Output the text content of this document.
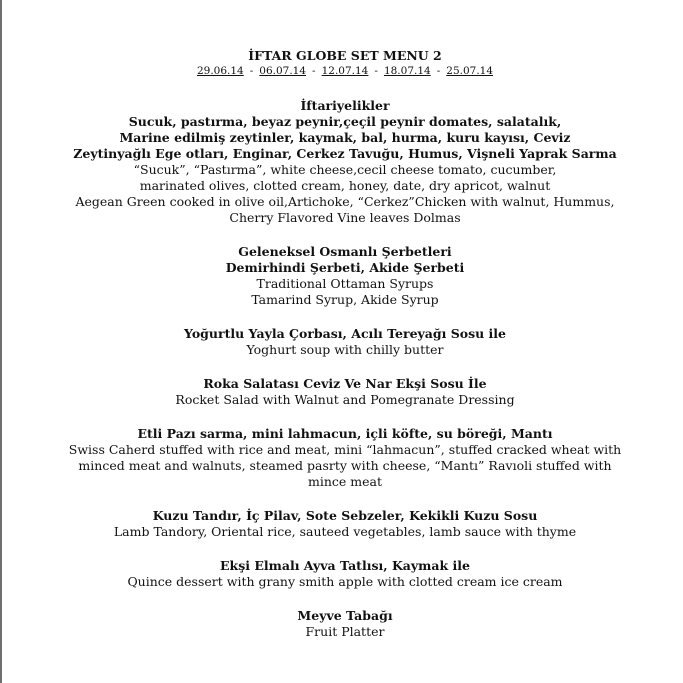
İFTAR GLOBE SET MENU 2

29.06.14 - 06.07.14 - 12.07.14 - 18.07.14 - 25.07.14

İftariyelikler

Sucuk, pastırma, beyaz peynir,çeçil peynir domates, salatalık,

Marine edilmiş zeytinler, kaymak, bal, hurma, kuru kayısı, Ceviz

Zeytinyağlı Ege otları, Enginar, Cerkez Tavuğu, Humus, Vişneli Yaprak Sarma

“Sucuk”, “Pastırma”, white cheese,cecil cheese tomato, cucumber,

marinated olives, clotted cream, honey, date, dry apricot, walnut

Aegean Green cooked in olive oil,Artichoke, “Cerkez”Chicken with walnut, Hummus,

Cherry Flavored Vine leaves Dolmas

Geleneksel Osmanlı Şerbetleri

Demirhindi Şerbeti, Akide Şerbeti

Traditional Ottaman Syrups

Tamarind Syrup, Akide Syrup

Yoğurtlu Yayla Çorbası, Acılı Tereyağı Sosu ile

Yoghurt soup with chilly butter

Roka Salatası Ceviz Ve Nar Ekşi Sosu İle

Rocket Salad with Walnut and Pomegranate Dressing

Etli Pazı sarma, mini lahmacun, içli köfte, su böreği, Mantı

Swiss Caherd stuffed with rice and meat, mini “lahmacun”, stuffed cracked wheat with

minced meat and walnuts, steamed pasrty with cheese, “Mantı” Ravıoli stuffed with

mince meat

Kuzu Tandır, İç Pilav, Sote Sebzeler, Kekikli Kuzu Sosu

Lamb Tandory, Oriental rice, sauteed vegetables, lamb sauce with thyme

Ekşi Elmalı Ayva Tatlısı, Kaymak ile

Quince dessert with grany smith apple with clotted cream ice cream

Meyve Tabağı

Fruit Platter
